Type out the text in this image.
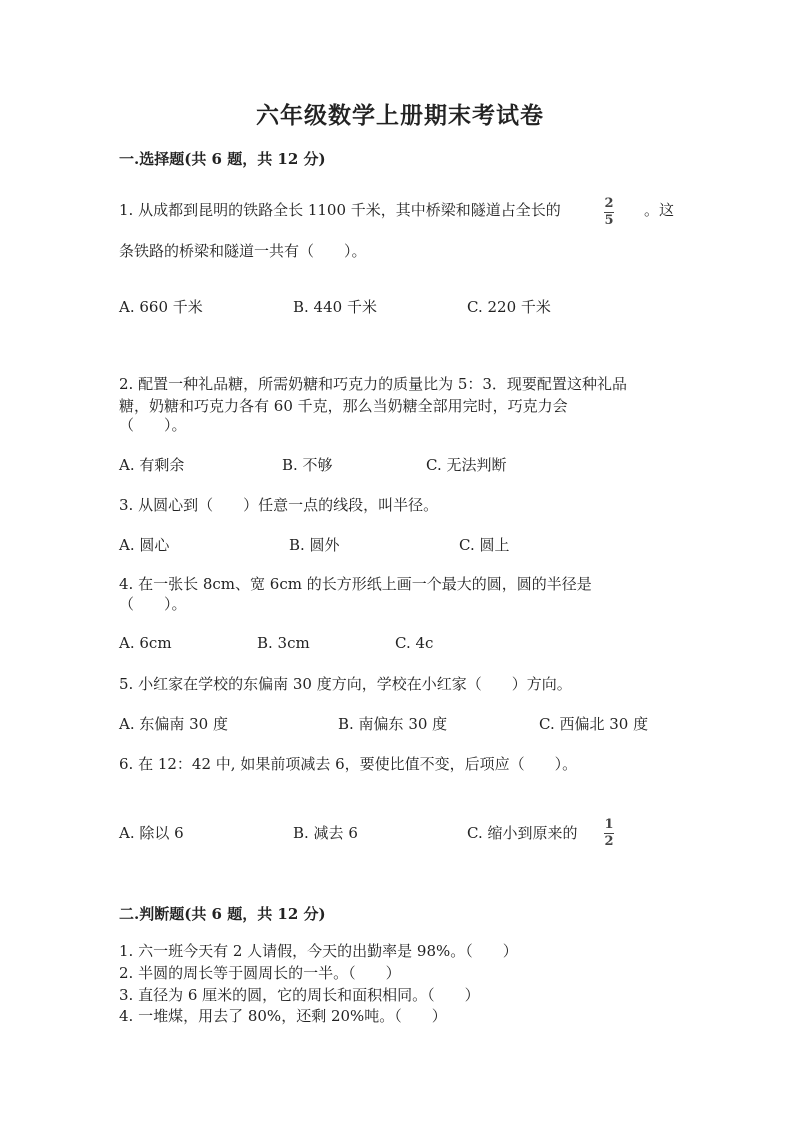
六年级数学上册期末考试卷
一.选择题(共 6 题，共 12 分)
1. 从成都到昆明的铁路全长 1100 千米，其中桥梁和隧道占全长的	2
5
。这
条铁路的桥梁和隧道一共有（　　）。
A. 660 千米	B. 440 千米	C. 220 千米
2. 配置一种礼品糖，所需奶糖和巧克力的质量比为 5：3．现要配置这种礼品
糖，奶糖和巧克力各有 60 千克，那么当奶糖全部用完时，巧克力会
（　　）。
A. 有剩余	B. 不够	C. 无法判断
3. 从圆心到（　　）任意一点的线段，叫半径。
A. 圆心	B. 圆外	C. 圆上
4. 在一张长 8cm、宽 6cm 的长方形纸上画一个最大的圆，圆的半径是
（　　）。
A. 6cm	B. 3cm	C. 4c
5. 小红家在学校的东偏南 30 度方向，学校在小红家（　　）方向。
A. 东偏南 30 度	B. 南偏东 30 度	C. 西偏北 30 度
6. 在 12：42 中, 如果前项减去 6，要使比值不变，后项应（　　）。
A. 除以 6	B. 减去 6	C. 缩小到原来的 1
2
二.判断题(共 6 题，共 12 分)
1. 六一班今天有 2 人请假，今天的出勤率是 98%。（　　）
2. 半圆的周长等于圆周长的一半。（　　）
3. 直径为 6 厘米的圆，它的周长和面积相同。（　　）
4. 一堆煤，用去了 80%，还剩 20%吨。（　　）
